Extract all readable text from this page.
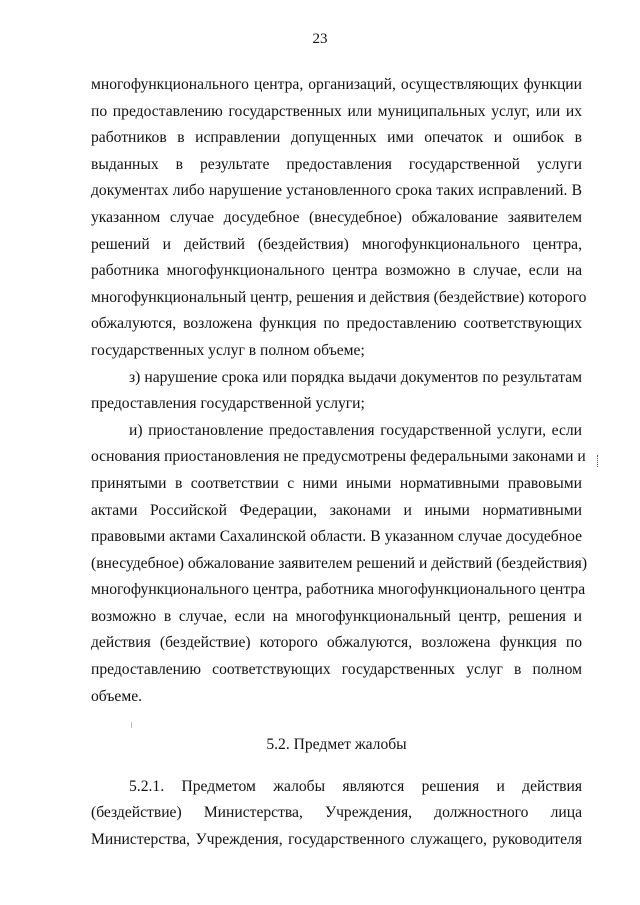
23
многофункционального центра, организаций, осуществляющих функции
по предоставлению государственных или муниципальных услуг, или их
работников в исправлении допущенных ими опечаток и ошибок в
выданных в результате предоставления государственной услуги
документах либо нарушение установленного срока таких исправлений. В
указанном случае досудебное (внесудебное) обжалование заявителем
решений и действий (бездействия) многофункционального центра,
работника многофункционального центра возможно в случае, если на
многофункциональный центр, решения и действия (бездействие) которого
обжалуются, возложена функция по предоставлению соответствующих
государственных услуг в полном объеме;
з) нарушение срока или порядка выдачи документов по результатам
предоставления государственной услуги;
и) приостановление предоставления государственной услуги, если
основания приостановления не предусмотрены федеральными законами и
принятыми в соответствии с ними иными нормативными правовыми
актами Российской Федерации, законами и иными нормативными
правовыми актами Сахалинской области. В указанном случае досудебное
(внесудебное) обжалование заявителем решений и действий (бездействия)
многофункционального центра, работника многофункционального центра
возможно в случае, если на многофункциональный центр, решения и
действия (бездействие) которого обжалуются, возложена функция по
предоставлению соответствующих государственных услуг в полном
объеме.
5.2. Предмет жалобы
5.2.1. Предметом жалобы являются решения и действия
(бездействие) Министерства, Учреждения, должностного лица
Министерства, Учреждения, государственного служащего, руководителя
